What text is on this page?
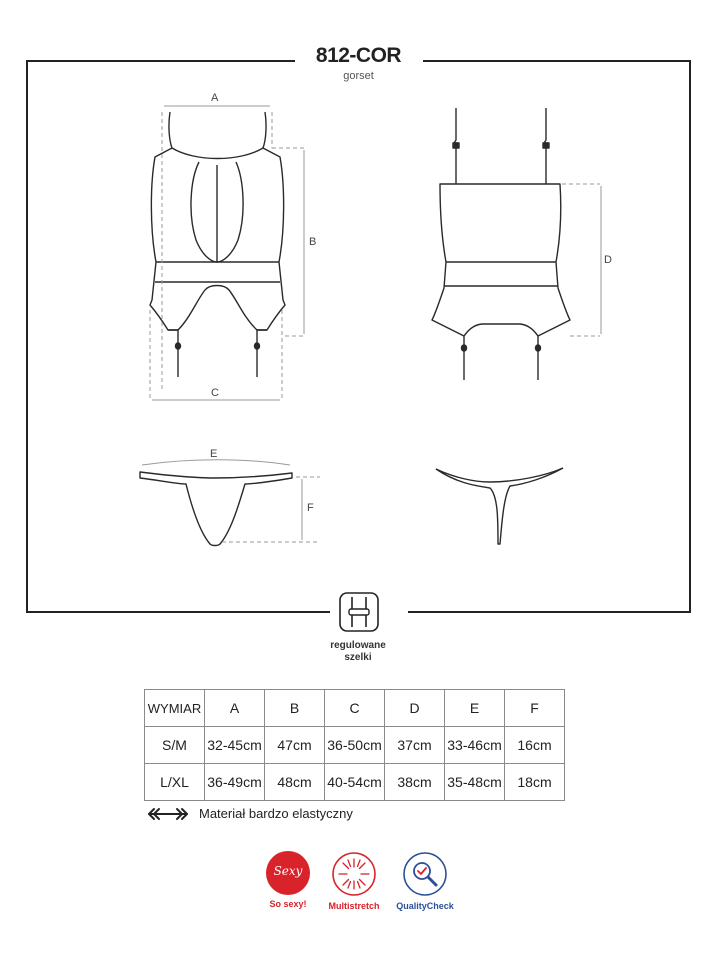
A
B
C
D
E
F
812-COR
gorset
regulowane
szelki
WYMIAR	A	B	C	D	E	F
S/M	32-45cm	47cm	36-50cm	37cm	33-46cm	16cm
L/XL	36-49cm	48cm	40-54cm	38cm	35-48cm	18cm
Materiał bardzo elastyczny
Sexy
So sexy!	Multistretch	QualityCheck
